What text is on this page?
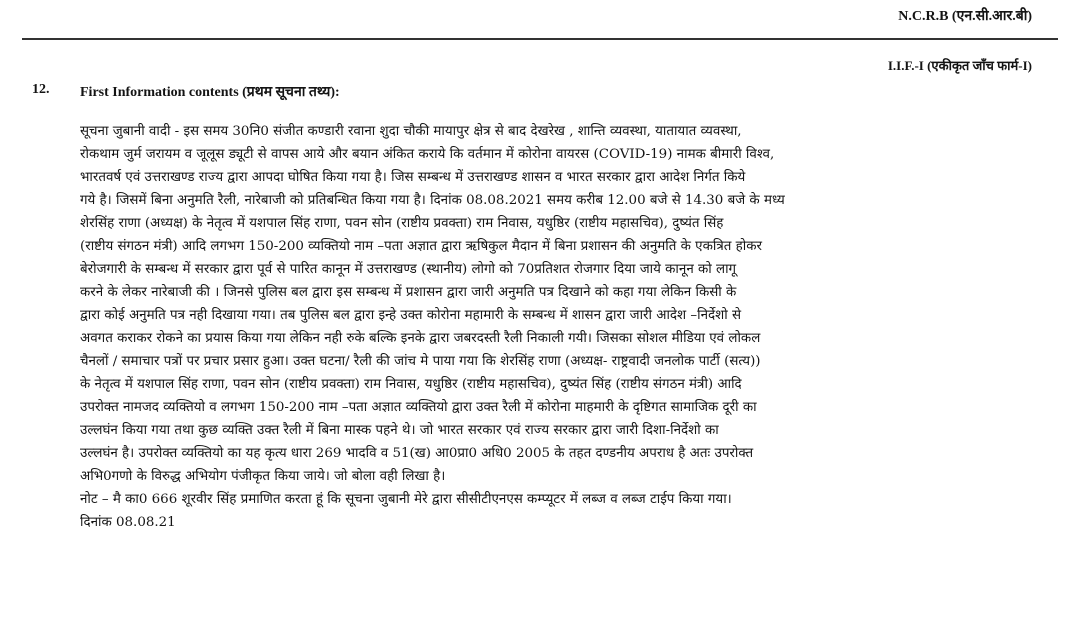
N.C.R.B (एन.सी.आर.बी)
I.I.F.-I (एकीकृत जाँच फार्म-I)
12. First Information contents (प्रथम सूचना तथ्य):
सूचना जुबानी वादी - इस समय 30नि0 संजीत कण्डारी रवाना शुदा चौकी मायापुर क्षेत्र से बाद देखरेख , शान्ति व्यवस्था, यातायात व्यवस्था,
रोकथाम जुर्म जरायम व जूलूस ड्यूटी से वापस आये और बयान अंकित कराये कि वर्तमान में कोरोना वायरस (COVID-19) नामक बीमारी विश्व,
भारतवर्ष एवं उत्तराखण्ड राज्य द्वारा आपदा घोषित किया गया है। जिस सम्बन्ध में उत्तराखण्ड शासन व भारत सरकार द्वारा आदेश निर्गत किये
गये है। जिसमें बिना अनुमति रैली, नारेबाजी को प्रतिबन्धित किया गया है। दिनांक 08.08.2021 समय करीब 12.00 बजे से 14.30 बजे के मध्य
शेरसिंह राणा (अध्यक्ष) के नेतृत्व में यशपाल सिंह राणा, पवन सोन (राष्टीय प्रवक्ता) राम निवास, यधुष्ठिर (राष्टीय महासचिव), दुष्यंत सिंह
(राष्टीय संगठन मंत्री) आदि लगभग 150-200 व्यक्तियो नाम –पता अज्ञात द्वारा ऋषिकुल मैदान में बिना प्रशासन की अनुमति के एकत्रित होकर
बेरोजगारी के सम्बन्ध में सरकार द्वारा पूर्व से पारित कानून में उत्तराखण्ड (स्थानीय) लोगो को 70प्रतिशत रोजगार दिया जाये कानून को लागू
करने के लेकर नारेबाजी की । जिनसे पुलिस बल द्वारा इस सम्बन्ध में प्रशासन द्वारा जारी अनुमति पत्र दिखाने को कहा गया लेकिन किसी के
द्वारा कोई अनुमति पत्र नही दिखाया गया। तब पुलिस बल द्वारा इन्हे उक्त कोरोना महामारी के सम्बन्ध में शासन द्वारा जारी आदेश –निर्देशो से
अवगत कराकर रोकने का प्रयास किया गया लेकिन नही रुके बल्कि इनके द्वारा जबरदस्ती रैली निकाली गयी। जिसका सोशल मीडिया एवं लोकल
चैनलों / समाचार पत्रों पर प्रचार प्रसार हुआ। उक्त घटना/ रैली की जांच मे पाया गया कि शेरसिंह राणा (अध्यक्ष- राष्ट्रवादी जनलोक पार्टी (सत्य))
के नेतृत्व में यशपाल सिंह राणा, पवन सोन (राष्टीय प्रवक्ता) राम निवास, यधुष्ठिर (राष्टीय महासचिव), दुष्यंत सिंह (राष्टीय संगठन मंत्री) आदि
उपरोक्त नामजद व्यक्तियो व लगभग 150-200 नाम –पता अज्ञात व्यक्तियो द्वारा उक्त रैली में कोरोना माहमारी के दृष्टिगत सामाजिक दूरी का
उल्लघंन किया गया तथा कुछ व्यक्ति उक्त रैली में बिना मास्क पहने थे। जो भारत सरकार एवं राज्य सरकार द्वारा जारी दिशा-निर्देशो का
उल्लघंन है। उपरोक्त व्यक्तियो का यह कृत्य धारा 269 भादवि व 51(ख) आ0प्रा0 अधि0 2005 के तहत दण्डनीय अपराध है अतः उपरोक्त
अभि0गणो के विरुद्ध अभियोग पंजीकृत किया जाये। जो बोला वही लिखा है।
नोट – मै का0 666 शूरवीर सिंह प्रमाणित करता हूं कि सूचना जुबानी मेरे द्वारा सीसीटीएनएस कम्प्यूटर में लब्ज व लब्ज टाईप किया गया।
दिनांक 08.08.21
